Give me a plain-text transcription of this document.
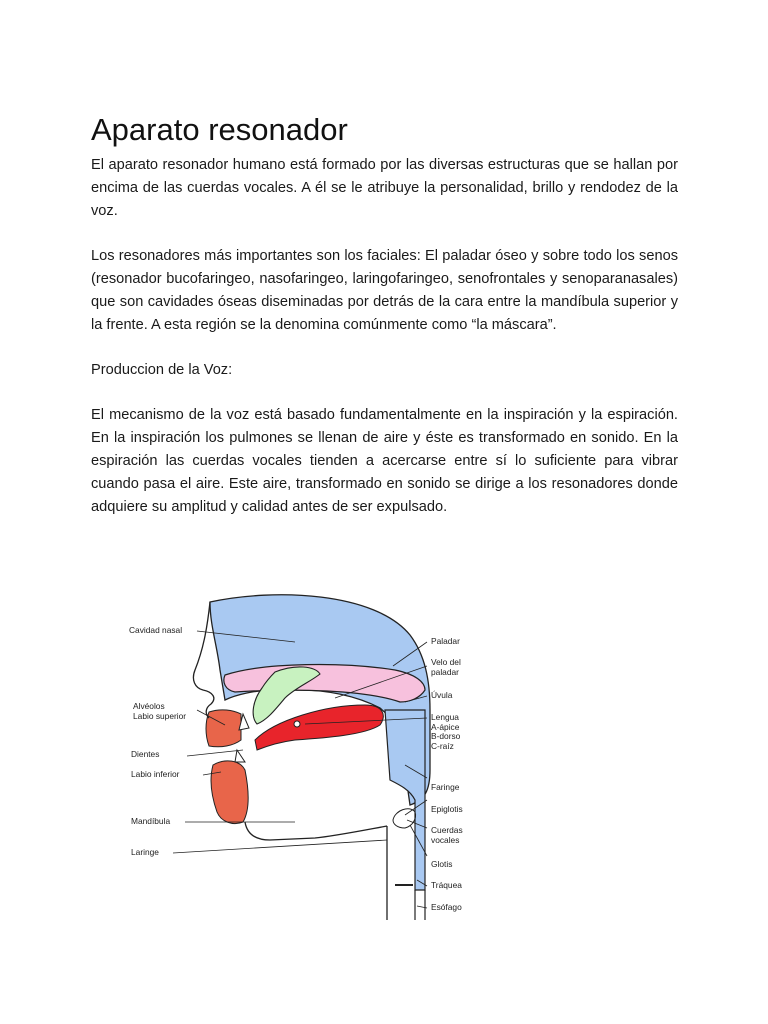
Aparato resonador

El aparato resonador humano está formado por las diversas estructuras que se hallan por encima de las cuerdas vocales. A él se le atribuye la personalidad, brillo y rendodez de la voz.

Los resonadores más importantes son los faciales: El paladar óseo y sobre todo los senos (resonador bucofaringeo, nasofaringeo, laringofaringeo, senofrontales y senoparanasales) que son cavidades óseas diseminadas por detrás de la cara entre la mandíbula superior y la frente. A esta región se la denomina comúnmente como “la máscara”.

Produccion de la Voz:

El mecanismo de la voz está basado fundamentalmente en la inspiración y la espiración. En la inspiración los pulmones se llenan de aire y éste es transformado en sonido. En la espiración las cuerdas vocales tienden a acercarse entre sí lo suficiente para vibrar cuando pasa el aire. Este aire, transformado en sonido se dirige a los resonadores donde adquiere su amplitud y calidad antes de ser expulsado.

Cavidad nasal
Alvéolos
Labio superior
Dientes
Labio inferior
Mandíbula
Laringe
Paladar
Velo del
paladar
Úvula
Lengua
A-ápice
B-dorso
C-raíz
Faringe
Epiglotis
Cuerdas
vocales
Glotis
Tráquea
Esófago
